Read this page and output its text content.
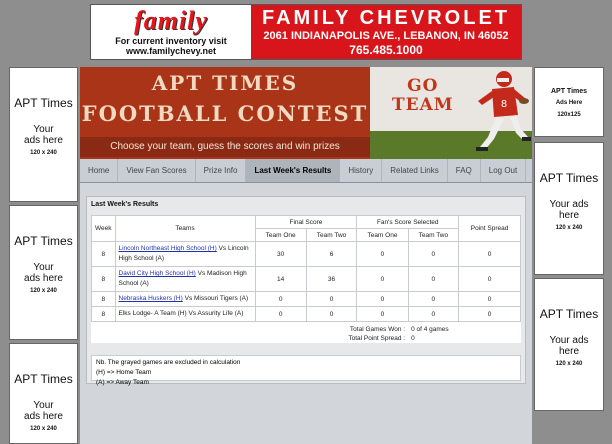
family
For current inventory visit
www.familychevy.net
FAMILY CHEVROLET
2061 INDIANAPOLIS AVE., LEBANON, IN 46052
765.485.1000
APT Times
Your ads here
120 x 240
APT Times
Your ads here
120 x 240
APT Times
Your ads here
120 x 240
APT Times
Ads Here
120x125
APT Times
Your ads here
120 x 240
APT Times
Your ads here
120 x 240
APT TIMES
FOOTBALL CONTEST
Choose your team, guess the scores and win prizes
GO
TEAM	8
Home	View Fan Scores	Prize Info	Last Week's Results	History	Related Links	FAQ	Log Out
Last Week's Results
Week	Teams	Final Score		Fan's Score Selected		Point Spread
		Team One	Team Two	Team One	Team Two	
8	Lincoln Northeast High School (H) Vs Lincoln High School (A)	30	6	0	0	0
8	David City High School (H) Vs Madison High School (A)	14	36	0	0	0
8	Nebraska Huskers (H) Vs Missouri Tigers (A)	0	0	0	0	0
8	Elks Lodge- A Team (H) Vs Assurity Life (A)	0	0	0	0	0
Total Games Won :					0 of 4 games	
Total Point Spread :					0	
Nb. The grayed games are excluded in calculation
(H) => Home Team
(A) => Away Team
